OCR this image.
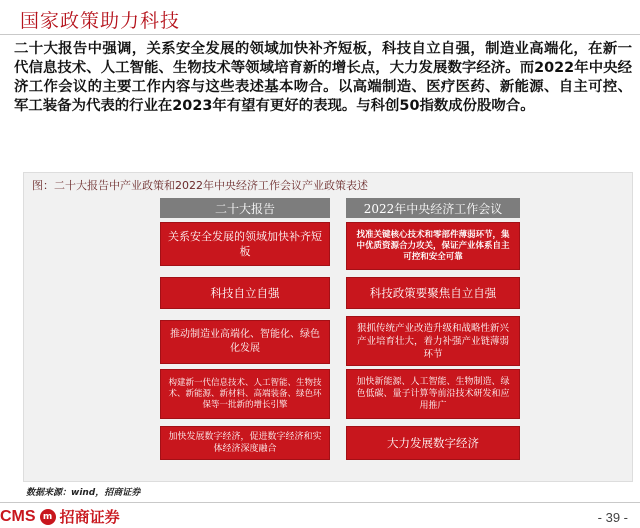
国家政策助力科技
二十大报告中强调，关系安全发展的领域加快补齐短板，科技自立自强，制造业高端化，在新一代信息技术、人工智能、生物技术等领域培育新的增长点，大力发展数字经济。而2022年中央经济工作会议的主要工作内容与这些表述基本吻合。以高端制造、医疗医药、新能源、自主可控、军工装备为代表的行业在2023年有望有更好的表现。与科创50指数成份股吻合。
图：二十大报告中产业政策和2022年中央经济工作会议产业政策表述
二十大报告	2022年中央经济工作会议
关系安全发展的领域加快补齐短板
科技自立自强
推动制造业高端化、智能化、绿色化发展
构建新一代信息技术、人工智能、生物技术、新能源、新材料、高端装备、绿色环保等一批新的增长引擎
加快发展数字经济，促进数字经济和实体经济深度融合
找准关键核心技术和零部件薄弱环节，集中优质资源合力攻关，保证产业体系自主可控和安全可靠
科技政策要聚焦自立自强
狠抓传统产业改造升级和战略性新兴产业培育壮大，着力补强产业链薄弱环节
加快新能源、人工智能、生物制造、绿色低碳、量子计算等前沿技术研发和应用推广
大力发展数字经济
数据来源：wind，招商证券
CMS m 招商证券	- 39 -
